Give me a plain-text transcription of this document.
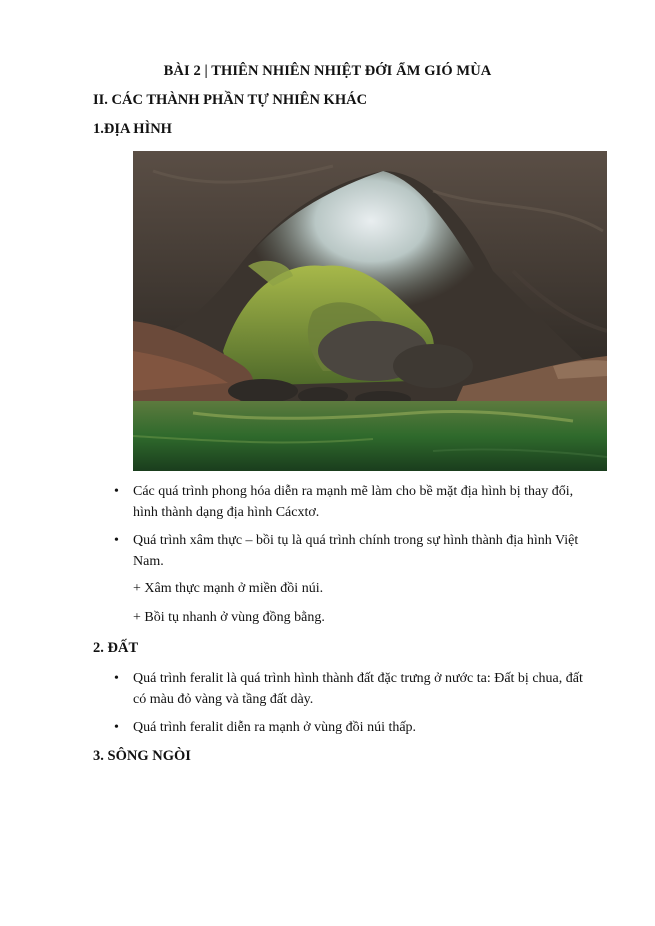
BÀI 2 | THIÊN NHIÊN NHIỆT ĐỚI ẨM GIÓ MÙA
II. CÁC THÀNH PHẦN TỰ NHIÊN KHÁC
1.ĐỊA HÌNH
• Các quá trình phong hóa diễn ra mạnh mẽ làm cho bề mặt địa hình bị thay đổi, hình thành dạng địa hình Cácxtơ.
• Quá trình xâm thực – bồi tụ là quá trình chính trong sự hình thành địa hình Việt Nam.
+ Xâm thực mạnh ở miền đồi núi.
+ Bồi tụ nhanh ở vùng đồng bằng.
2. ĐẤT
• Quá trình feralit là quá trình hình thành đất đặc trưng ở nước ta: Đất bị chua, đất có màu đỏ vàng và tầng đất dày.
• Quá trình feralit diễn ra mạnh ở vùng đồi núi thấp.
3. SÔNG NGÒI
